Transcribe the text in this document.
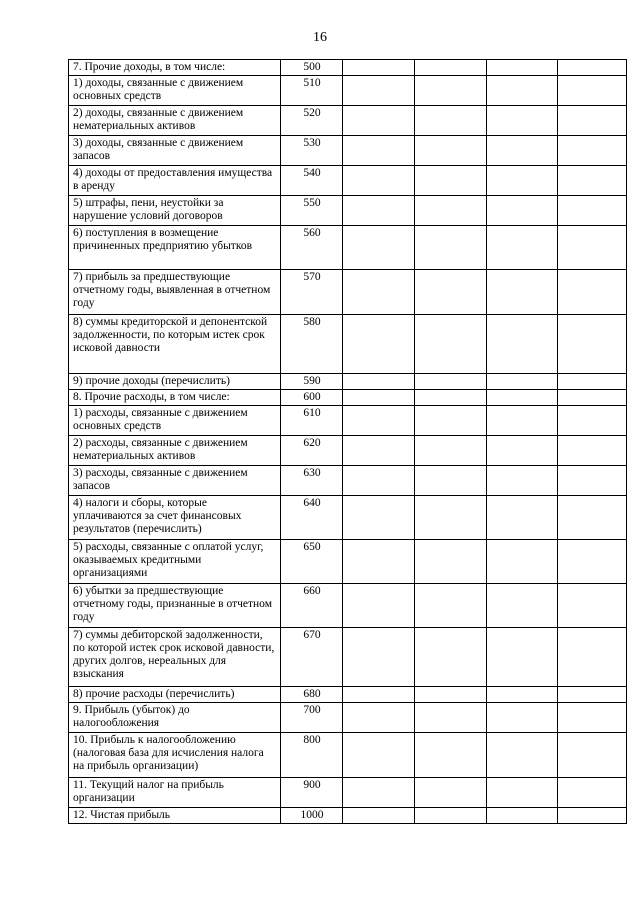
16
7. Прочие доходы, в том числе:	500				
1) доходы, связанные с движением основных средств	510				
2) доходы, связанные с движением нематериальных активов	520				
3) доходы, связанные с движением запасов	530				
4) доходы от предоставления имущества в аренду	540				
5) штрафы, пени, неустойки за нарушение условий договоров	550				
6) поступления в возмещение причиненных предприятию убытков	560				
7) прибыль за предшествующие отчетному годы, выявленная в отчетном году	570				
8) суммы кредиторской и депонентской задолженности, по которым истек срок исковой давности	580				
9) прочие доходы (перечислить)	590				
8. Прочие расходы, в том числе:	600				
1) расходы, связанные с движением основных средств	610				
2) расходы, связанные с движением нематериальных активов	620				
3) расходы, связанные с движением запасов	630				
4) налоги и сборы, которые уплачиваются за счет финансовых результатов (перечислить)	640				
5) расходы, связанные с оплатой услуг, оказываемых кредитными организациями	650				
6) убытки за предшествующие отчетному годы, признанные в отчетном году	660				
7) суммы дебиторской задолженности, по которой истек срок исковой давности, других долгов, нереальных для взыскания	670				
8) прочие расходы (перечислить)	680				
9. Прибыль (убыток) до налогообложения	700				
10. Прибыль к налогообложению (налоговая база для исчисления налога на прибыль организации)	800				
11. Текущий налог на прибыль организации	900				
12. Чистая прибыль	1000				
